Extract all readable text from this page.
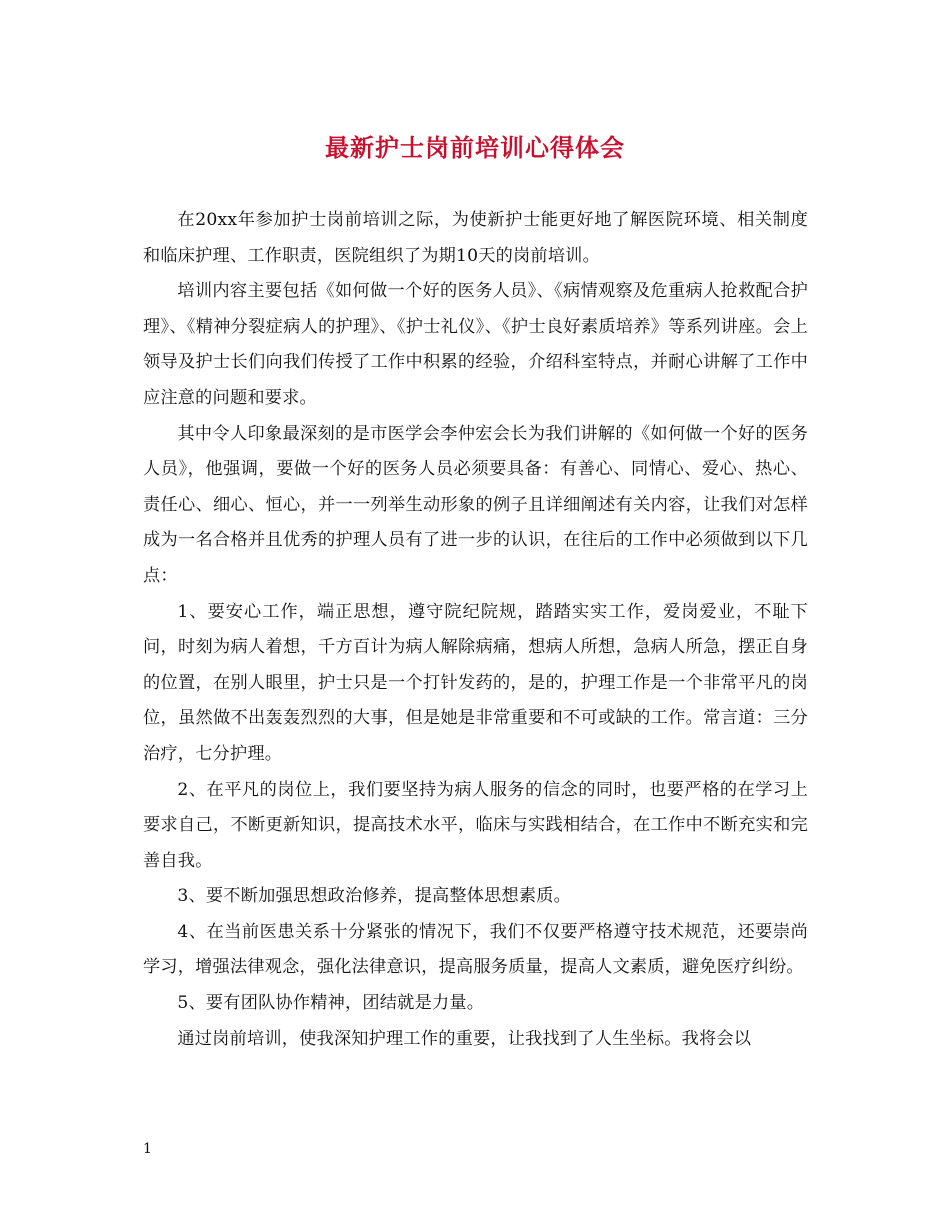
最新护士岗前培训心得体会

在20xx年参加护士岗前培训之际，为使新护士能更好地了解医院环境、相关制度和临床护理、工作职责，医院组织了为期10天的岗前培训。

培训内容主要包括《如何做一个好的医务人员》、《病情观察及危重病人抢救配合护理》、《精神分裂症病人的护理》、《护士礼仪》、《护士良好素质培养》等系列讲座。会上领导及护士长们向我们传授了工作中积累的经验，介绍科室特点，并耐心讲解了工作中应注意的问题和要求。

其中令人印象最深刻的是市医学会李仲宏会长为我们讲解的《如何做一个好的医务人员》，他强调，要做一个好的医务人员必须要具备：有善心、同情心、爱心、热心、责任心、细心、恒心，并一一列举生动形象的例子且详细阐述有关内容，让我们对怎样成为一名合格并且优秀的护理人员有了进一步的认识，在往后的工作中必须做到以下几点：

1、要安心工作，端正思想，遵守院纪院规，踏踏实实工作，爱岗爱业，不耻下问，时刻为病人着想，千方百计为病人解除病痛，想病人所想，急病人所急，摆正自身的位置，在别人眼里，护士只是一个打针发药的，是的，护理工作是一个非常平凡的岗位，虽然做不出轰轰烈烈的大事，但是她是非常重要和不可或缺的工作。常言道：三分治疗，七分护理。

2、在平凡的岗位上，我们要坚持为病人服务的信念的同时，也要严格的在学习上要求自己，不断更新知识，提高技术水平，临床与实践相结合，在工作中不断充实和完善自我。

3、要不断加强思想政治修养，提高整体思想素质。

4、在当前医患关系十分紧张的情况下，我们不仅要严格遵守技术规范，还要崇尚学习，增强法律观念，强化法律意识，提高服务质量，提高人文素质，避免医疗纠纷。

5、要有团队协作精神，团结就是力量。

通过岗前培训，使我深知护理工作的重要，让我找到了人生坐标。我将会以

1
